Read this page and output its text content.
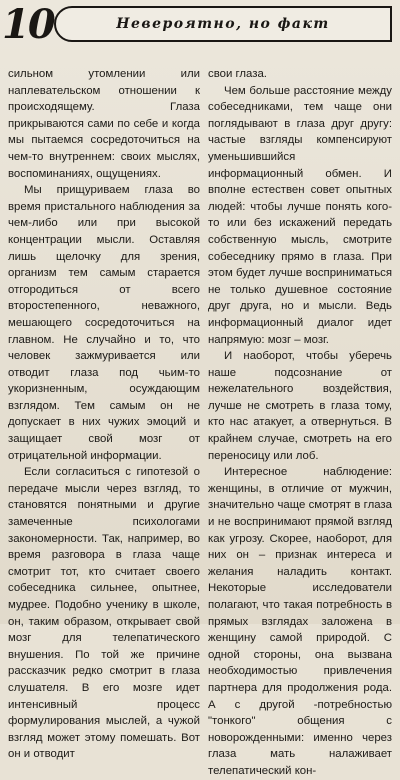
10	Невероятно, но факт

сильном утомлении или наплевательском отношении к происходящему. Глаза прикрываются сами по себе и когда мы пытаемся сосредоточиться на чем-то внутреннем: своих мыслях, воспоминаниях, ощущениях.

Мы прищуриваем глаза во время пристального наблюдения за чем-либо или при высокой концентрации мысли. Оставляя лишь щелочку для зрения, организм тем самым старается отгородиться от всего второстепенного, неважного, мешающего сосредоточиться на главном. Не случайно и то, что человек зажмуривается или отводит глаза под чьим-то укоризненным, осуждающим взглядом. Тем самым он не допускает в них чужих эмоций и защищает свой мозг от отрицательной информации.

Если согласиться с гипотезой о передаче мысли через взгляд, то становятся понятными и другие замеченные психологами закономерности. Так, например, во время разговора в глаза чаще смотрит тот, кто считает своего собеседника сильнее, опытнее, мудрее. Подобно ученику в школе, он, таким образом, открывает свой мозг для телепатического внушения. По той же причине рассказчик редко смотрит в глаза слушателя. В его мозге идет интенсивный процесс формулирования мыслей, а чужой взгляд может этому помешать. Вот он и отводит

свои глаза.

Чем больше расстояние между собеседниками, тем чаще они поглядывают в глаза друг другу: частые взгляды компенсируют уменьшившийся информационный обмен. И вполне естествен совет опытных людей: чтобы лучше понять кого-то или без искажений передать собственную мысль, смотрите собеседнику прямо в глаза. При этом будет лучше восприниматься не только душевное состояние друг друга, но и мысли. Ведь информационный диалог идет напрямую: мозг – мозг.

И наоборот, чтобы уберечь наше подсознание от нежелательного воздействия, лучше не смотреть в глаза тому, кто нас атакует, а отвернуться. В крайнем случае, смотреть на его переносицу или лоб.

Интересное наблюдение: женщины, в отличие от мужчин, значительно чаще смотрят в глаза и не воспринимают прямой взгляд как угрозу. Скорее, наоборот, для них он – признак интереса и желания наладить контакт. Некоторые исследователи полагают, что такая потребность в прямых взглядах заложена в женщину самой природой. С одной стороны, она вызвана необходимостью привлечения партнера для продолжения рода. А с другой -потребностью "тонкого" общения с новорожденными: именно через глаза мать налаживает телепатический кон-
